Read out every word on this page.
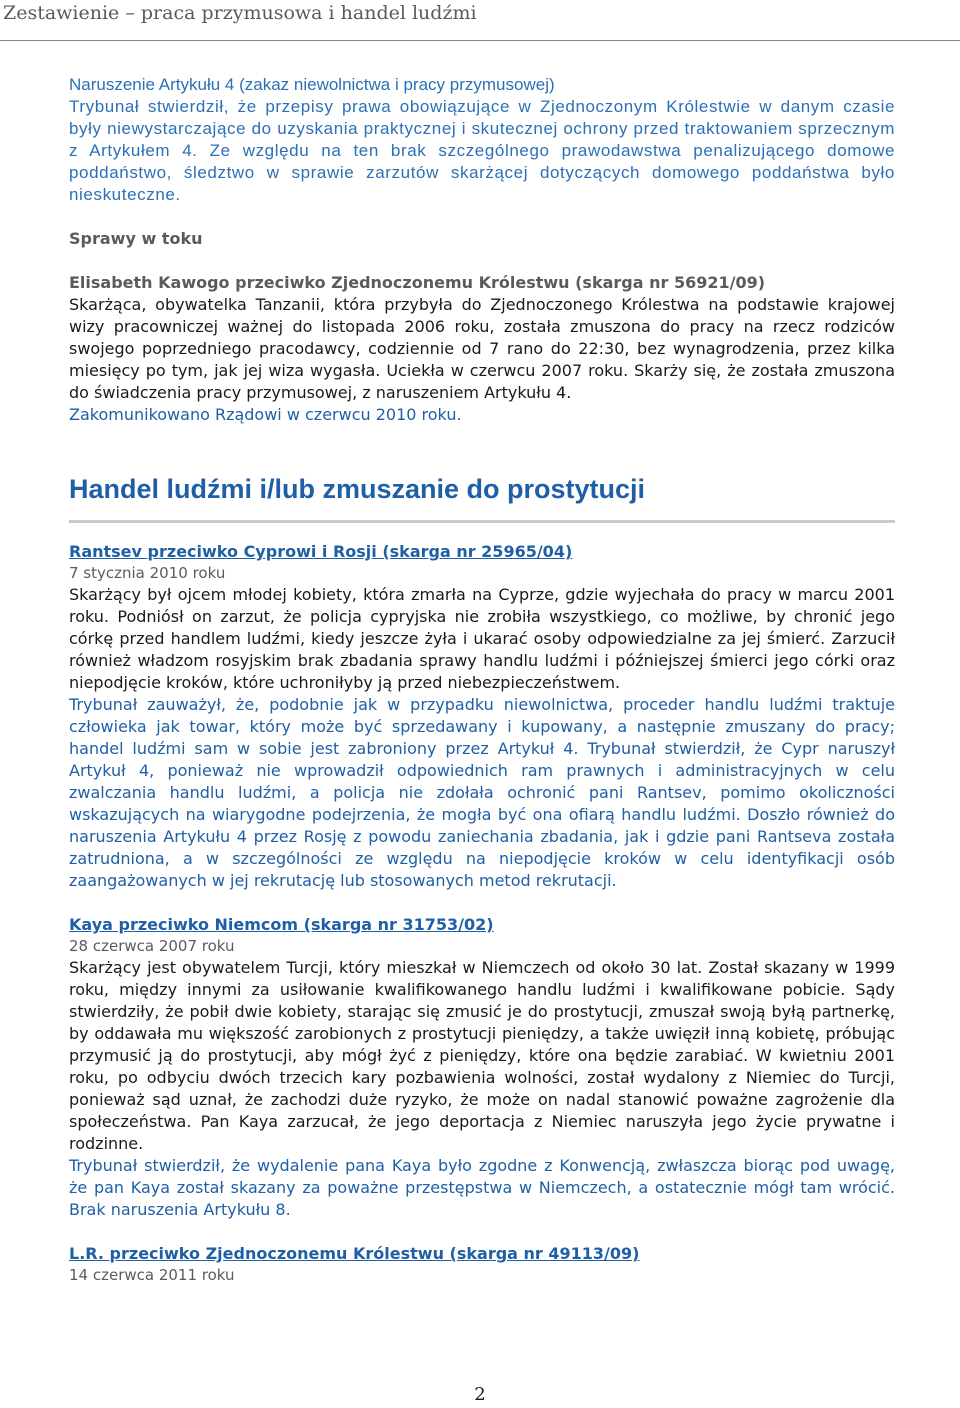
Zestawienie – praca przymusowa i handel ludźmi

Naruszenie Artykułu 4 (zakaz niewolnictwa i pracy przymusowej)

Trybunał stwierdził, że przepisy prawa obowiązujące w Zjednoczonym Królestwie w danym czasie były niewystarczające do uzyskania praktycznej i skutecznej ochrony przed traktowaniem sprzecznym z Artykułem 4. Ze względu na ten brak szczególnego prawodawstwa penalizującego domowe poddaństwo, śledztwo w sprawie zarzutów skarżącej dotyczących domowego poddaństwa było nieskuteczne.

Sprawy w toku

Elisabeth Kawogo przeciwko Zjednoczonemu Królestwu (skarga nr 56921/09)

Skarżąca, obywatelka Tanzanii, która przybyła do Zjednoczonego Królestwa na podstawie krajowej wizy pracowniczej ważnej do listopada 2006 roku, została zmuszona do pracy na rzecz rodziców swojego poprzedniego pracodawcy, codziennie od 7 rano do 22:30, bez wynagrodzenia, przez kilka miesięcy po tym, jak jej wiza wygasła. Uciekła w czerwcu 2007 roku. Skarży się, że została zmuszona do świadczenia pracy przymusowej, z naruszeniem Artykułu 4.

Zakomunikowano Rządowi w czerwcu 2010 roku.

Handel ludźmi i/lub zmuszanie do prostytucji

Rantsev przeciwko Cyprowi i Rosji (skarga nr 25965/04)

7 stycznia 2010 roku

Skarżący był ojcem młodej kobiety, która zmarła na Cyprze, gdzie wyjechała do pracy w marcu 2001 roku. Podniósł on zarzut, że policja cypryjska nie zrobiła wszystkiego, co możliwe, by chronić jego córkę przed handlem ludźmi, kiedy jeszcze żyła i ukarać osoby odpowiedzialne za jej śmierć. Zarzucił również władzom rosyjskim brak zbadania sprawy handlu ludźmi i późniejszej śmierci jego córki oraz niepodjęcie kroków, które uchroniłyby ją przed niebezpieczeństwem.

Trybunał zauważył, że, podobnie jak w przypadku niewolnictwa, proceder handlu ludźmi traktuje człowieka jak towar, który może być sprzedawany i kupowany, a następnie zmuszany do pracy; handel ludźmi sam w sobie jest zabroniony przez Artykuł 4. Trybunał stwierdził, że Cypr naruszył Artykuł 4, ponieważ nie wprowadził odpowiednich ram prawnych i administracyjnych w celu zwalczania handlu ludźmi, a policja nie zdołała ochronić pani Rantsev, pomimo okoliczności wskazujących na wiarygodne podejrzenia, że mogła być ona ofiarą handlu ludźmi. Doszło również do naruszenia Artykułu 4 przez Rosję z powodu zaniechania zbadania, jak i gdzie pani Rantseva została zatrudniona, a w szczególności ze względu na niepodjęcie kroków w celu identyfikacji osób zaangażowanych w jej rekrutację lub stosowanych metod rekrutacji.

Kaya przeciwko Niemcom (skarga nr 31753/02)

28 czerwca 2007 roku

Skarżący jest obywatelem Turcji, który mieszkał w Niemczech od około 30 lat. Został skazany w 1999 roku, między innymi za usiłowanie kwalifikowanego handlu ludźmi i kwalifikowane pobicie. Sądy stwierdziły, że pobił dwie kobiety, starając się zmusić je do prostytucji, zmuszał swoją byłą partnerkę, by oddawała mu większość zarobionych z prostytucji pieniędzy, a także uwięził inną kobietę, próbując przymusić ją do prostytucji, aby mógł żyć z pieniędzy, które ona będzie zarabiać. W kwietniu 2001 roku, po odbyciu dwóch trzecich kary pozbawienia wolności, został wydalony z Niemiec do Turcji, ponieważ sąd uznał, że zachodzi duże ryzyko, że może on nadal stanowić poważne zagrożenie dla społeczeństwa. Pan Kaya zarzucał, że jego deportacja z Niemiec naruszyła jego życie prywatne i rodzinne.

Trybunał stwierdził, że wydalenie pana Kaya było zgodne z Konwencją, zwłaszcza biorąc pod uwagę, że pan Kaya został skazany za poważne przestępstwa w Niemczech, a ostatecznie mógł tam wrócić. Brak naruszenia Artykułu 8.

L.R. przeciwko Zjednoczonemu Królestwu (skarga nr 49113/09)

14 czerwca 2011 roku

2
